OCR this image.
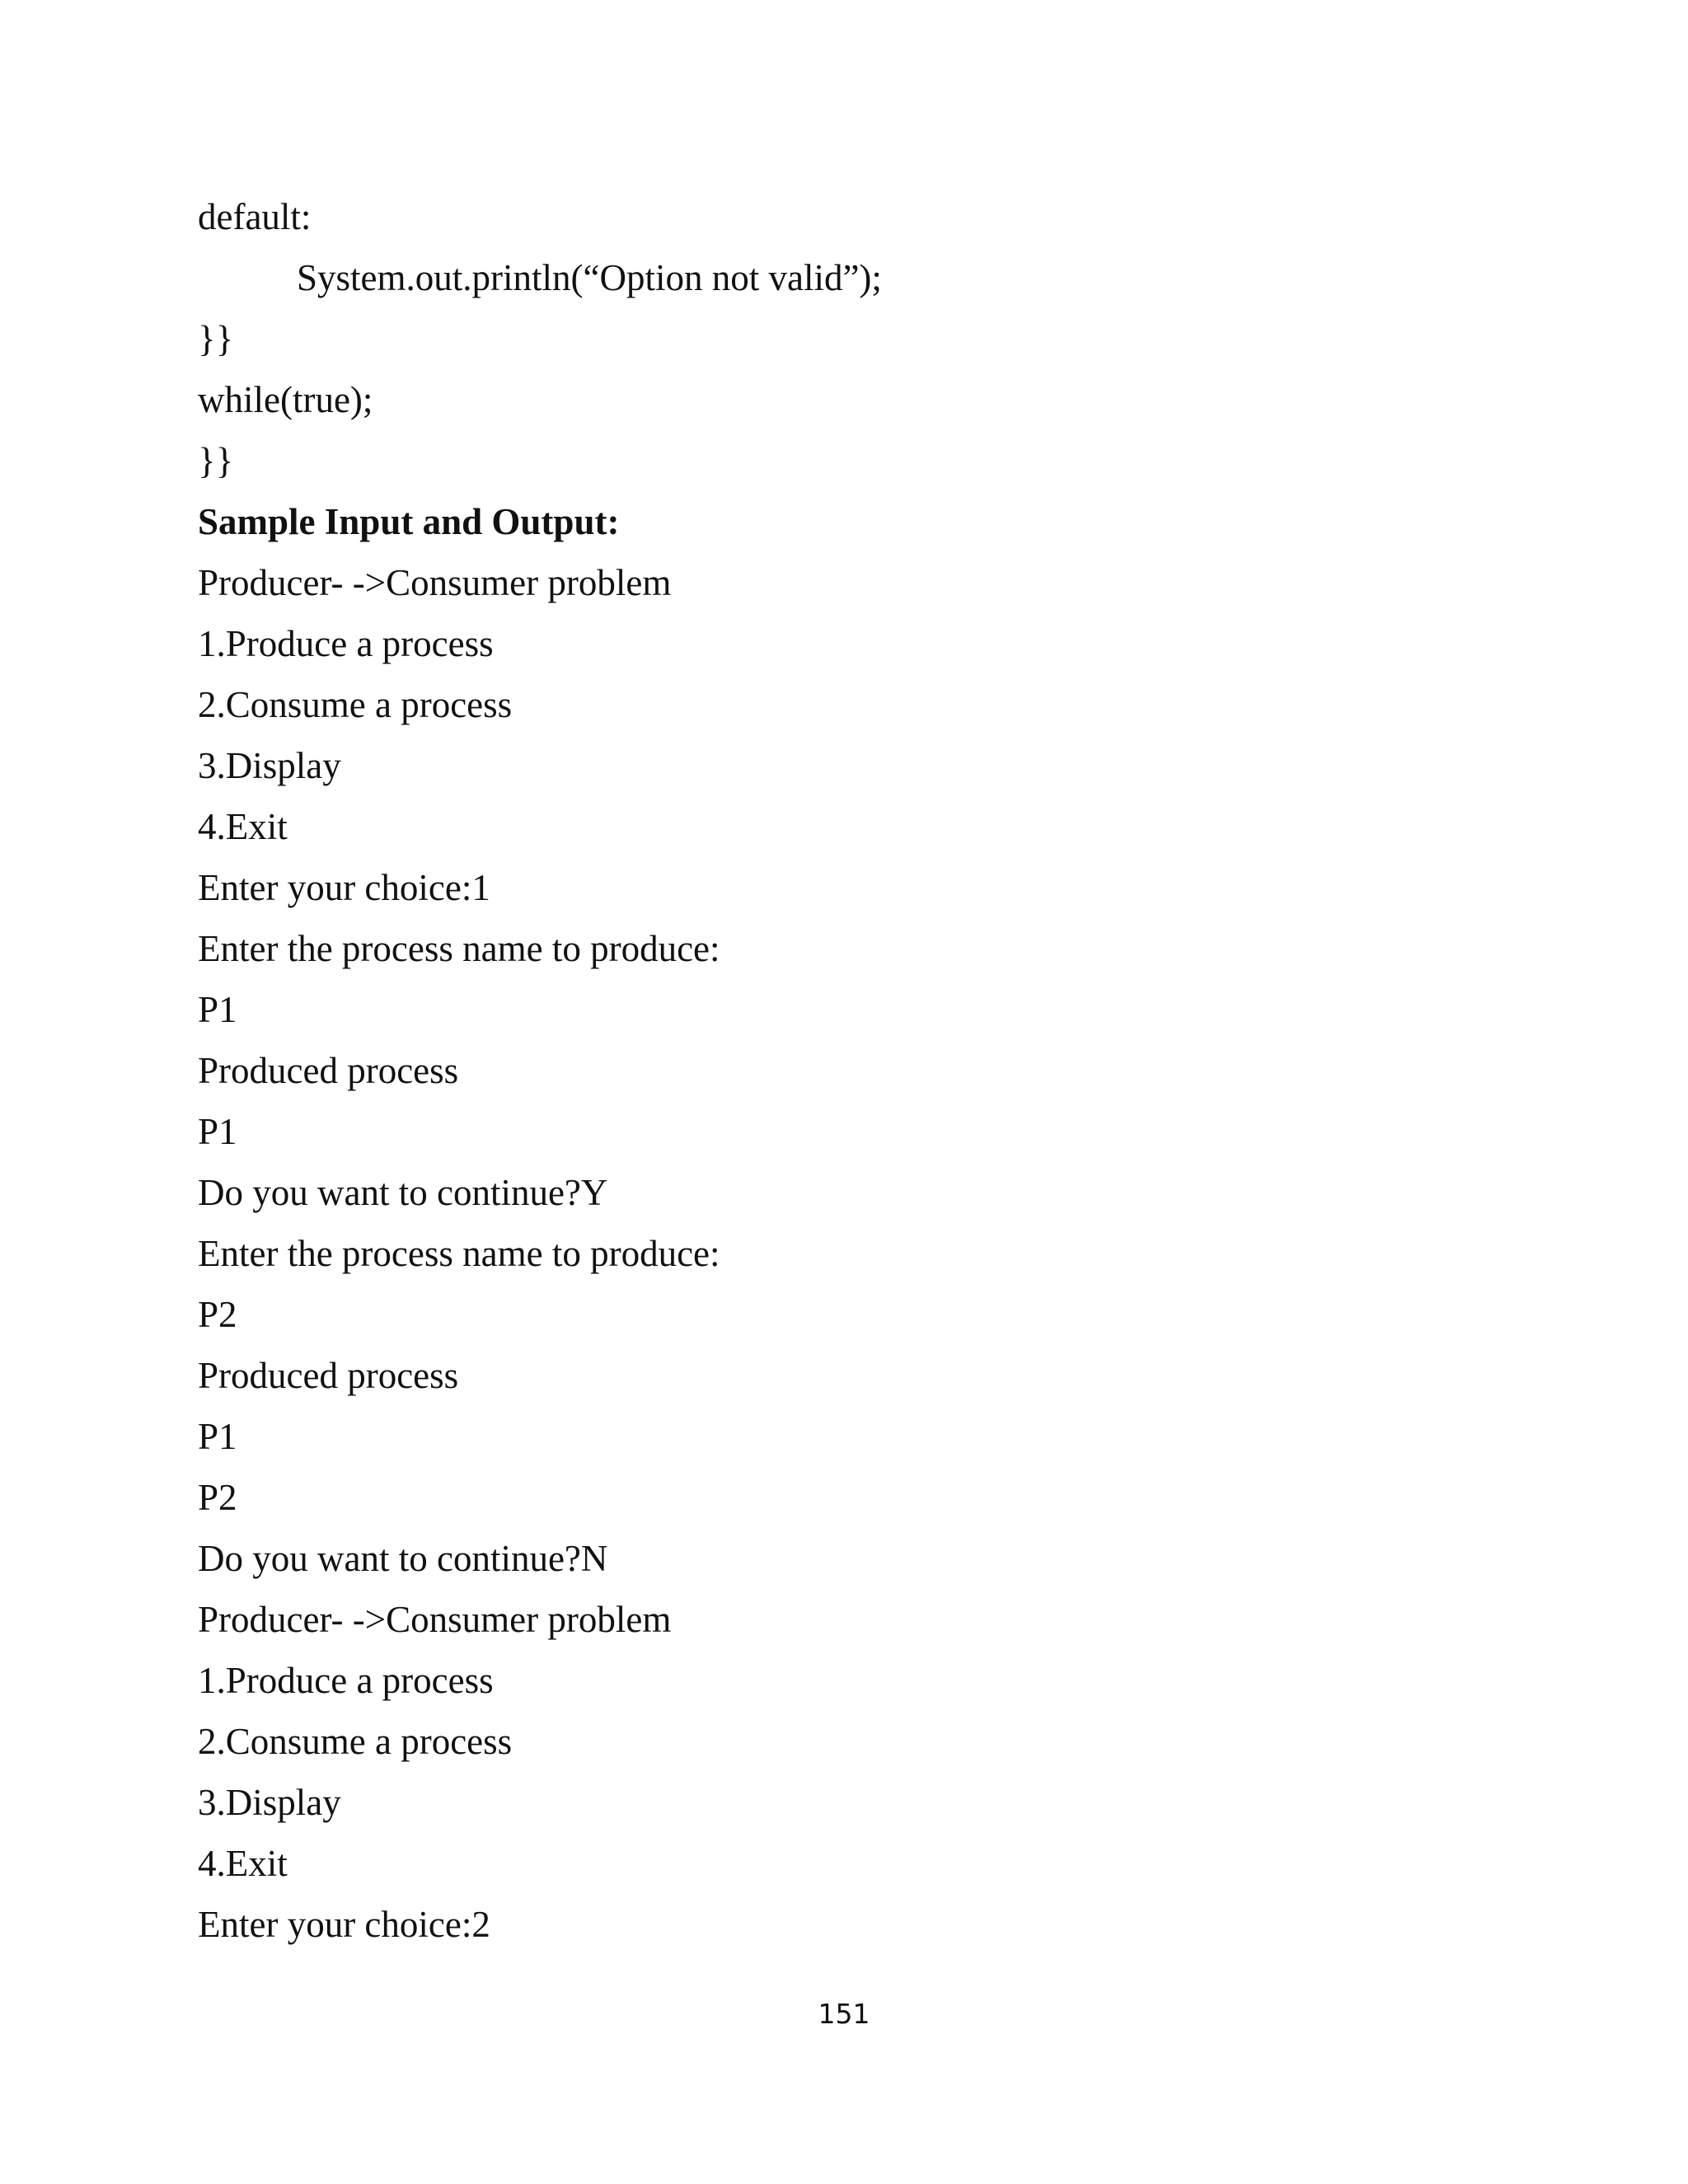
default:
System.out.println(“Option not valid”);
}}
while(true);
}}
Sample Input and Output:
Producer- ->Consumer problem
1.Produce a process
2.Consume a process
3.Display
4.Exit
Enter your choice:1
Enter the process name to produce:
P1
Produced process
P1
Do you want to continue?Y
Enter the process name to produce:
P2
Produced process
P1
P2
Do you want to continue?N
Producer- ->Consumer problem
1.Produce a process
2.Consume a process
3.Display
4.Exit
Enter your choice:2
151
